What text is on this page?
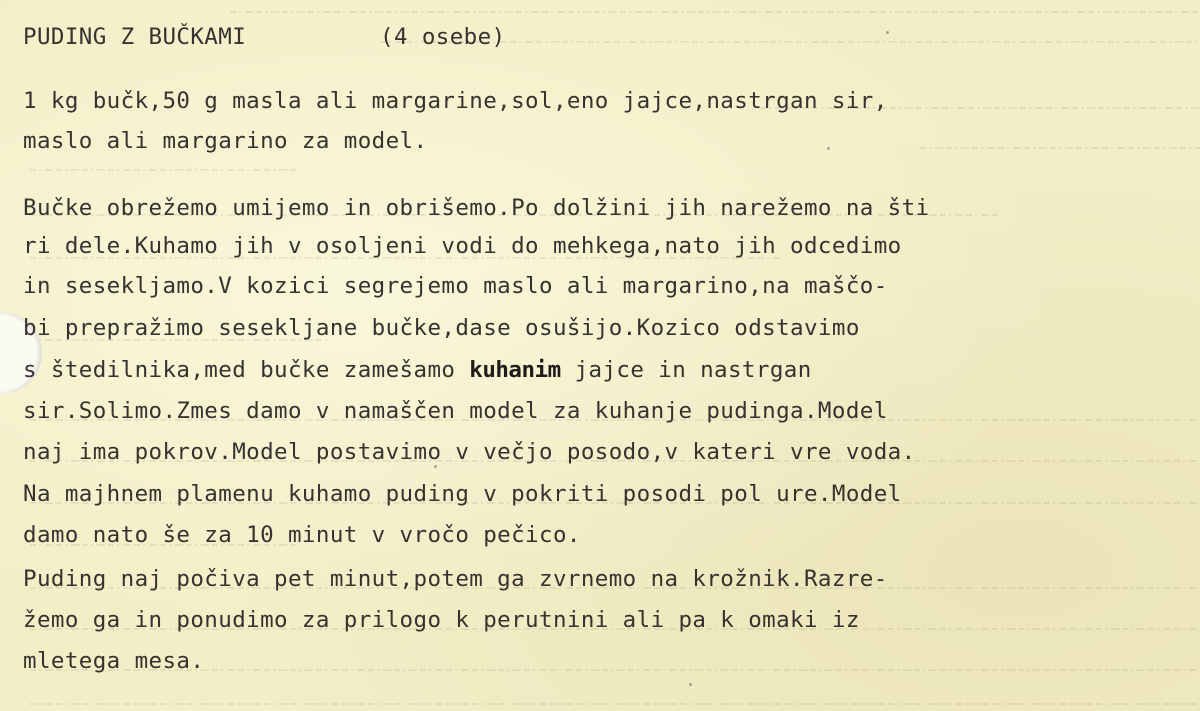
PUDING Z BUČKAMI	(4 osebe)
1 kg bučk,50 g masla ali margarine,sol,eno jajce,nastrgan sir,
maslo ali margarino za model.
Bučke obrežemo umijemo in obrišemo.Po dolžini jih narežemo na šti
ri dele.Kuhamo jih v osoljeni vodi do mehkega,nato jih odcedimo
in sesekljamo.V kozici segrejemo maslo ali margarino,na maščo-
bi prepražimo sesekljane bučke,dase osušijo.Kozico odstavimo
s štedilnika,med bučke zamešamo kuhanim jajce in nastrgan
sir.Solimo.Zmes damo v namaščen model za kuhanje pudinga.Model
naj ima pokrov.Model postavimo v večjo posodo,v kateri vre voda.
Na majhnem plamenu kuhamo puding v pokriti posodi pol ure.Model
damo nato še za 10 minut v vročo pečico.
Puding naj počiva pet minut,potem ga zvrnemo na krožnik.Razre-
žemo ga in ponudimo za prilogo k perutnini ali pa k omaki iz
mletega mesa.
